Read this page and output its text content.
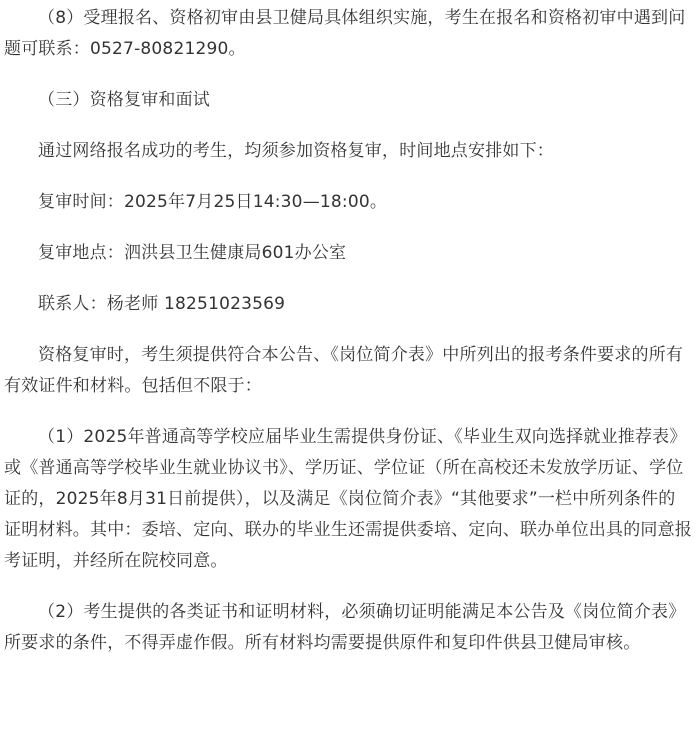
（8）受理报名、资格初审由县卫健局具体组织实施，考生在报名和资格初审中遇到问题可联系：0527-80821290。

（三）资格复审和面试

通过网络报名成功的考生，均须参加资格复审，时间地点安排如下：

复审时间：2025年7月25日14:30—18:00。

复审地点：泗洪县卫生健康局601办公室

联系人：杨老师 18251023569

资格复审时，考生须提供符合本公告、《岗位简介表》中所列出的报考条件要求的所有有效证件和材料。包括但不限于：

（1）2025年普通高等学校应届毕业生需提供身份证、《毕业生双向选择就业推荐表》或《普通高等学校毕业生就业协议书》、学历证、学位证（所在高校还未发放学历证、学位证的，2025年8月31日前提供），以及满足《岗位简介表》“其他要求”一栏中所列条件的证明材料。其中：委培、定向、联办的毕业生还需提供委培、定向、联办单位出具的同意报考证明，并经所在院校同意。

（2）考生提供的各类证书和证明材料，必须确切证明能满足本公告及《岗位简介表》所要求的条件，不得弄虚作假。所有材料均需要提供原件和复印件供县卫健局审核。
